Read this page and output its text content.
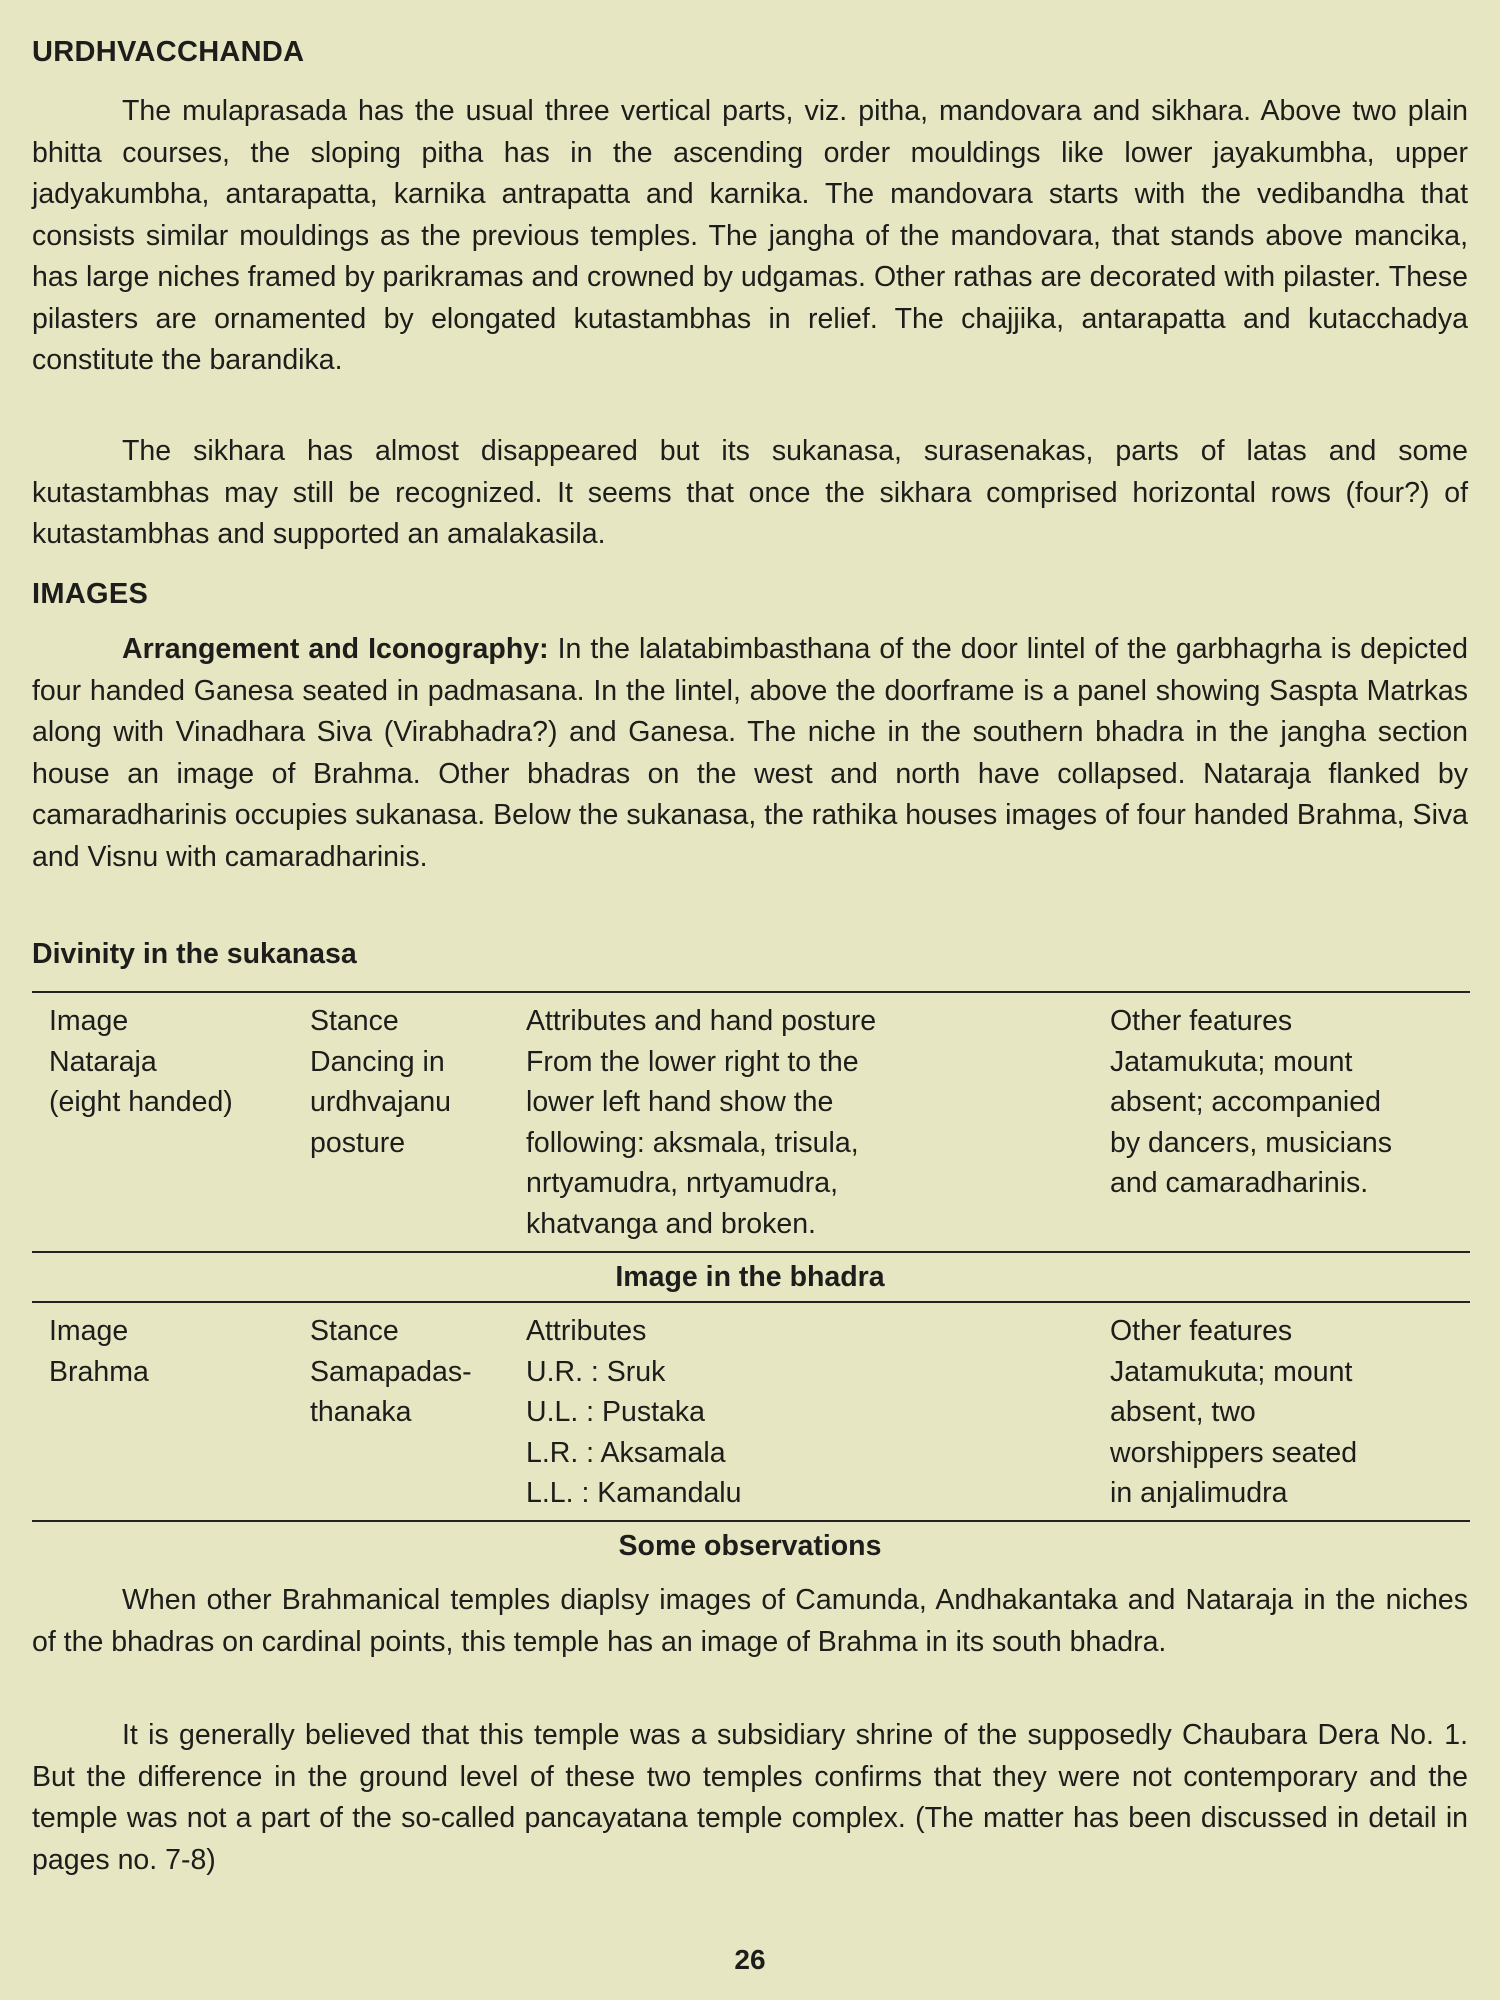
URDHVACCHANDA

The mulaprasada has the usual three vertical parts, viz. pitha, mandovara and sikhara. Above two plain bhitta courses, the sloping pitha has in the ascending order mouldings like lower jayakumbha, upper jadyakumbha, antarapatta, karnika antrapatta and karnika. The mandovara starts with the vedibandha that consists similar mouldings as the previous temples. The jangha of the mandovara, that stands above mancika, has large niches framed by parikramas and crowned by udgamas. Other rathas are decorated with pilaster. These pilasters are ornamented by elongated kutastambhas in relief. The chajjika, antarapatta and kutacchadya constitute the barandika.

The sikhara has almost disappeared but its sukanasa, surasenakas, parts of latas and some kutastambhas may still be recognized. It seems that once the sikhara comprised horizontal rows (four?) of kutastambhas and supported an amalakasila.

IMAGES

Arrangement and Iconography: In the lalatabimbasthana of the door lintel of the garbhagrha is depicted four handed Ganesa seated in padmasana. In the lintel, above the doorframe is a panel showing Saspta Matrkas along with Vinadhara Siva (Virabhadra?) and Ganesa. The niche in the southern bhadra in the jangha section house an image of Brahma. Other bhadras on the west and north have collapsed. Nataraja flanked by camaradharinis occupies sukanasa. Below the sukanasa, the rathika houses images of four handed Brahma, Siva and Visnu with camaradharinis.

Divinity in the sukanasa
Image
Nataraja
(eight handed)
Stance
Dancing in
urdhvajanu
posture
Attributes and hand posture
From the lower right to the
lower left hand show the
following: aksmala, trisula,
nrtyamudra, nrtyamudra,
khatvanga and broken.
Other features
Jatamukuta; mount
absent; accompanied
by dancers, musicians
and camaradharinis.
Image in the bhadra
Image
Brahma
Stance
Samapadas-
thanaka
Attributes
U.R. : Sruk
U.L. : Pustaka
L.R. : Aksamala
L.L. : Kamandalu
Other features
Jatamukuta; mount
absent, two
worshippers seated
in anjalimudra
Some observations

When other Brahmanical temples diaplsy images of Camunda, Andhakantaka and Nataraja in the niches of the bhadras on cardinal points, this temple has an image of Brahma in its south bhadra.

It is generally believed that this temple was a subsidiary shrine of the supposedly Chaubara Dera No. 1. But the difference in the ground level of these two temples confirms that they were not contemporary and the temple was not a part of the so-called pancayatana temple complex. (The matter has been discussed in detail in pages no. 7-8)

26
